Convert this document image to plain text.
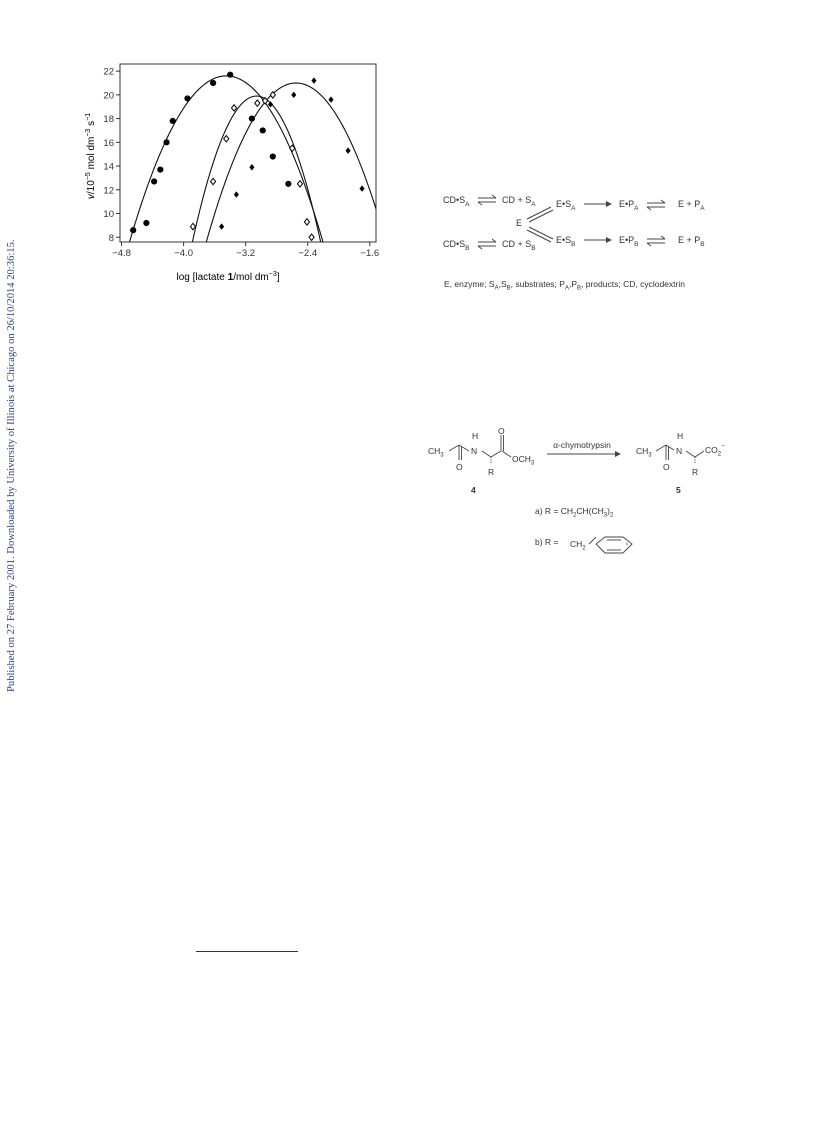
Published on 27 February 2001. Downloaded by University of Illinois at Chicago on 26/10/2014 20:36:15.	−4.8	−4.0	−3.2	−2.4	−1.6
8
10
12
14
16
18
20
22
log [lactate 1/mol $dm^{-3}$]
$v/10^{-5}$ mol $dm^{-3}$ $s^{-1}$
$CD•S_A$	CD + $S_A$ $E•S_A$	$E•P_A$	$E + P_A$
E
$CD•S_B$	CD + $S_B$
$E•S_B$	$E•P_B$	$E + P_B$
E, enzyme; $S_A,S_B$, substrates; $P_A,P_B$, products; CD, cyclodextrin
$CH_3$
H
N
O	R
O
$OCH_3$
4
α-chymotrypsin
$CH_3$
H
N	$CO_2^-$
O	R
5
a) $R = CH_2CH(CH_3)_2$
b) $R = CH_2$
